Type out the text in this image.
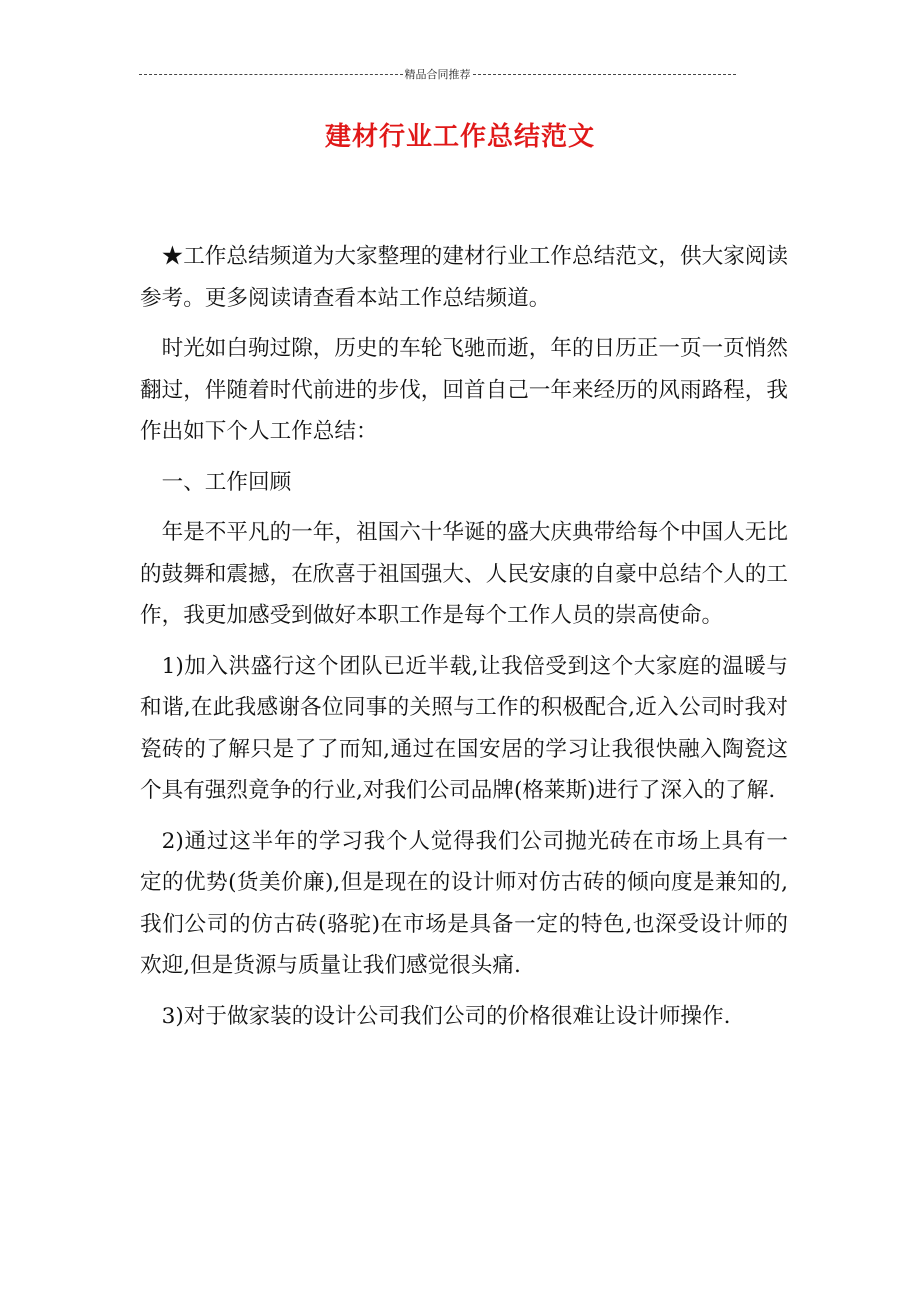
精品合同推荐
建材行业工作总结范文

★工作总结频道为大家整理的建材行业工作总结范文，供大家阅读参考。更多阅读请查看本站工作总结频道。

时光如白驹过隙，历史的车轮飞驰而逝，年的日历正一页一页悄然翻过，伴随着时代前进的步伐，回首自己一年来经历的风雨路程，我作出如下个人工作总结：

一、工作回顾

年是不平凡的一年，祖国六十华诞的盛大庆典带给每个中国人无比的鼓舞和震撼，在欣喜于祖国强大、人民安康的自豪中总结个人的工作，我更加感受到做好本职工作是每个工作人员的崇高使命。

1)加入洪盛行这个团队已近半载,让我倍受到这个大家庭的温暖与和谐,在此我感谢各位同事的关照与工作的积极配合,近入公司时我对瓷砖的了解只是了了而知,通过在国安居的学习让我很快融入陶瓷这个具有强烈竟争的行业,对我们公司品牌(格莱斯)进行了深入的了解.

2)通过这半年的学习我个人觉得我们公司抛光砖在市场上具有一定的优势(货美价廉),但是现在的设计师对仿古砖的倾向度是兼知的,我们公司的仿古砖(骆驼)在市场是具备一定的特色,也深受设计师的欢迎,但是货源与质量让我们感觉很头痛.

3)对于做家装的设计公司我们公司的价格很难让设计师操作.
